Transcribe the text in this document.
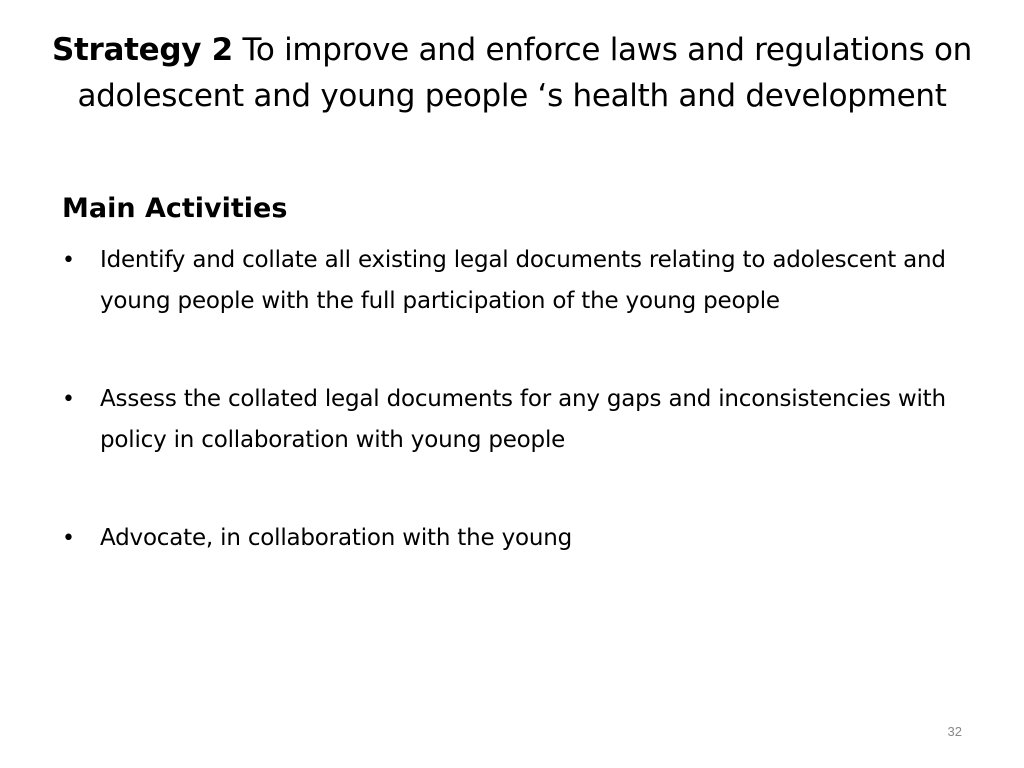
Strategy 2 To improve and enforce laws and regulations on adolescent and young people ‘s health and development
Main Activities
• Identify and collate all existing legal documents relating to adolescent and young people with the full participation of the young people
• Assess the collated legal documents for any gaps and inconsistencies with policy in collaboration with young people
• Advocate, in collaboration with the young
32
